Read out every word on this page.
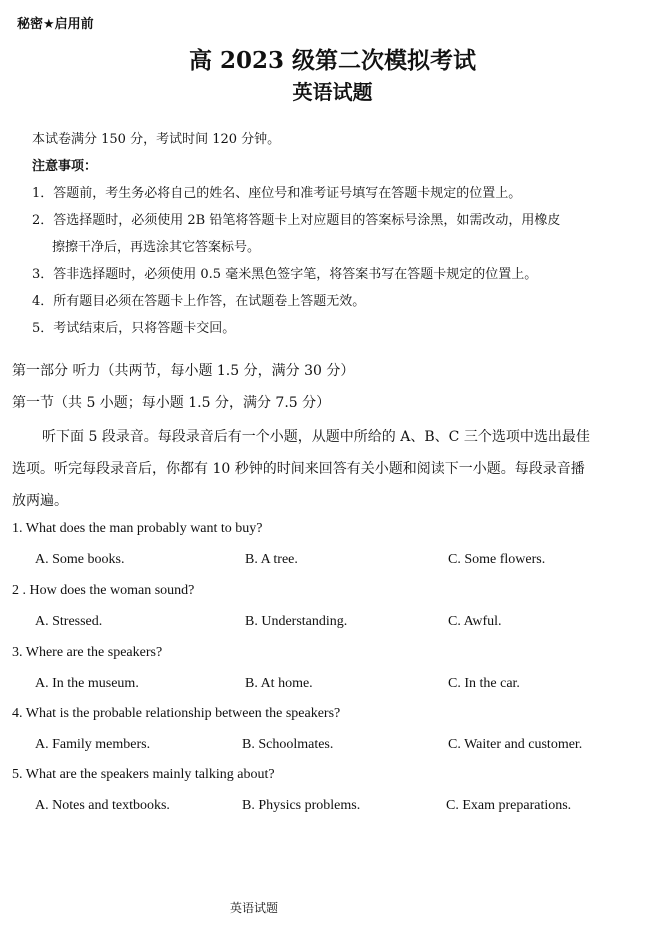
秘密★启用前
高 2023 级第二次模拟考试
英语试题
本试卷满分 150 分，考试时间 120 分钟。
注意事项：
1．答题前，考生务必将自己的姓名、座位号和准考证号填写在答题卡规定的位置上。
2．答选择题时，必须使用 2B 铅笔将答题卡上对应题目的答案标号涂黑，如需改动，用橡皮
擦擦干净后，再选涂其它答案标号。
3．答非选择题时，必须使用 0.5 毫米黑色签字笔，将答案书写在答题卡规定的位置上。
4．所有题目必须在答题卡上作答，在试题卷上答题无效。
5．考试结束后，只将答题卡交回。
第一部分 听力（共两节，每小题 1.5 分，满分 30 分）
第一节（共 5 小题；每小题 1.5 分，满分 7.5 分）
听下面 5 段录音。每段录音后有一个小题，从题中所给的 A、B、C 三个选项中选出最佳
选项。听完每段录音后，你都有 10 秒钟的时间来回答有关小题和阅读下一小题。每段录音播
放两遍。
1. What does the man probably want to buy?
A. Some books.	B. A tree.	C. Some flowers.
2 . How does the woman sound?
A. Stressed.	B. Understanding.	C. Awful.
3. Where are the speakers?
A. In the museum.	B. At home.	C. In the car.
4. What is the probable relationship between the speakers?
A. Family members.	B. Schoolmates.	C. Waiter and customer.
5. What are the speakers mainly talking about?
A. Notes and textbooks.	B. Physics problems.	C. Exam preparations.
英语试题
